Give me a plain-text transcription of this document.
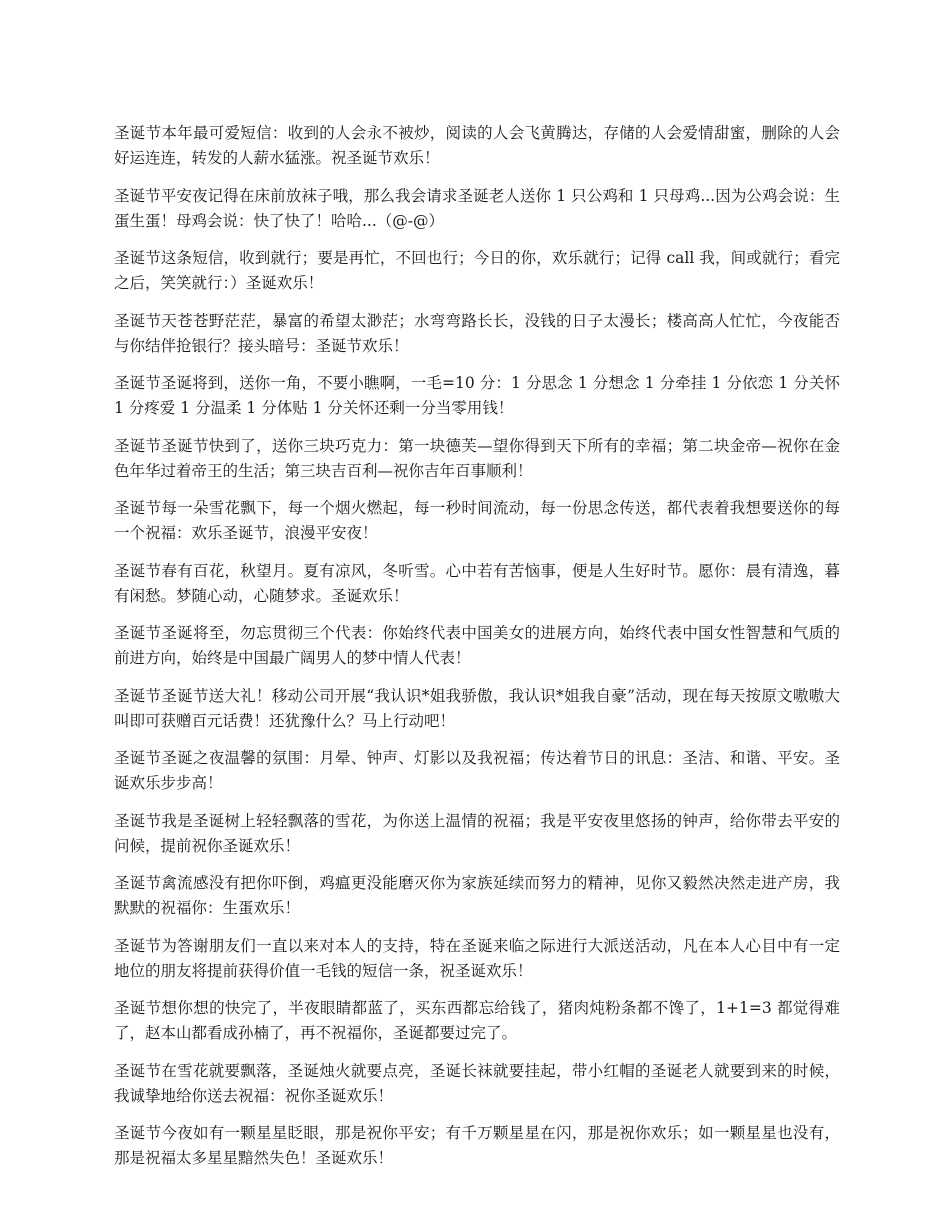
圣诞节本年最可爱短信：收到的人会永不被炒，阅读的人会飞黄腾达，存储的人会爱情甜蜜，删除的人会好运连连，转发的人薪水猛涨。祝圣诞节欢乐！

圣诞节平安夜记得在床前放袜子哦，那么我会请求圣诞老人送你 1 只公鸡和 1 只母鸡...因为公鸡会说：生蛋生蛋！母鸡会说：快了快了！哈哈...（@-@）

圣诞节这条短信，收到就行；要是再忙，不回也行；今日的你，欢乐就行；记得 call 我，间或就行；看完之后，笑笑就行：）圣诞欢乐！

圣诞节天苍苍野茫茫，暴富的希望太渺茫；水弯弯路长长，没钱的日子太漫长；楼高高人忙忙，今夜能否与你结伴抢银行？接头暗号：圣诞节欢乐！

圣诞节圣诞将到，送你一角，不要小瞧啊，一毛=10 分：1 分思念 1 分想念 1 分牵挂 1 分依恋 1 分关怀 1 分疼爱 1 分温柔 1 分体贴 1 分关怀还剩一分当零用钱！

圣诞节圣诞节快到了，送你三块巧克力：第一块德芙—望你得到天下所有的幸福；第二块金帝—祝你在金色年华过着帝王的生活；第三块吉百利—祝你吉年百事顺利！

圣诞节每一朵雪花飘下，每一个烟火燃起，每一秒时间流动，每一份思念传送，都代表着我想要送你的每一个祝福：欢乐圣诞节，浪漫平安夜！

圣诞节春有百花，秋望月。夏有凉风，冬听雪。心中若有苦恼事，便是人生好时节。愿你：晨有清逸，暮有闲愁。梦随心动，心随梦求。圣诞欢乐！

圣诞节圣诞将至，勿忘贯彻三个代表：你始终代表中国美女的进展方向，始终代表中国女性智慧和气质的前进方向，始终是中国最广阔男人的梦中情人代表！

圣诞节圣诞节送大礼！移动公司开展“我认识*姐我骄傲，我认识*姐我自豪”活动，现在每天按原文嗷嗷大叫即可获赠百元话费！还犹豫什么？马上行动吧！

圣诞节圣诞之夜温馨的氛围：月晕、钟声、灯影以及我祝福；传达着节日的讯息：圣洁、和谐、平安。圣诞欢乐步步高！

圣诞节我是圣诞树上轻轻飘落的雪花，为你送上温情的祝福；我是平安夜里悠扬的钟声，给你带去平安的问候，提前祝你圣诞欢乐！

圣诞节禽流感没有把你吓倒，鸡瘟更没能磨灭你为家族延续而努力的精神，见你又毅然决然走进产房，我默默的祝福你：生蛋欢乐！

圣诞节为答谢朋友们一直以来对本人的支持，特在圣诞来临之际进行大派送活动，凡在本人心目中有一定地位的朋友将提前获得价值一毛钱的短信一条，祝圣诞欢乐！

圣诞节想你想的快完了，半夜眼睛都蓝了，买东西都忘给钱了，猪肉炖粉条都不馋了，1+1=3 都觉得难了，赵本山都看成孙楠了，再不祝福你，圣诞都要过完了。

圣诞节在雪花就要飘落，圣诞烛火就要点亮，圣诞长袜就要挂起，带小红帽的圣诞老人就要到来的时候，我诚挚地给你送去祝福：祝你圣诞欢乐！

圣诞节今夜如有一颗星星眨眼，那是祝你平安；有千万颗星星在闪，那是祝你欢乐；如一颗星星也没有，那是祝福太多星星黯然失色！圣诞欢乐！
